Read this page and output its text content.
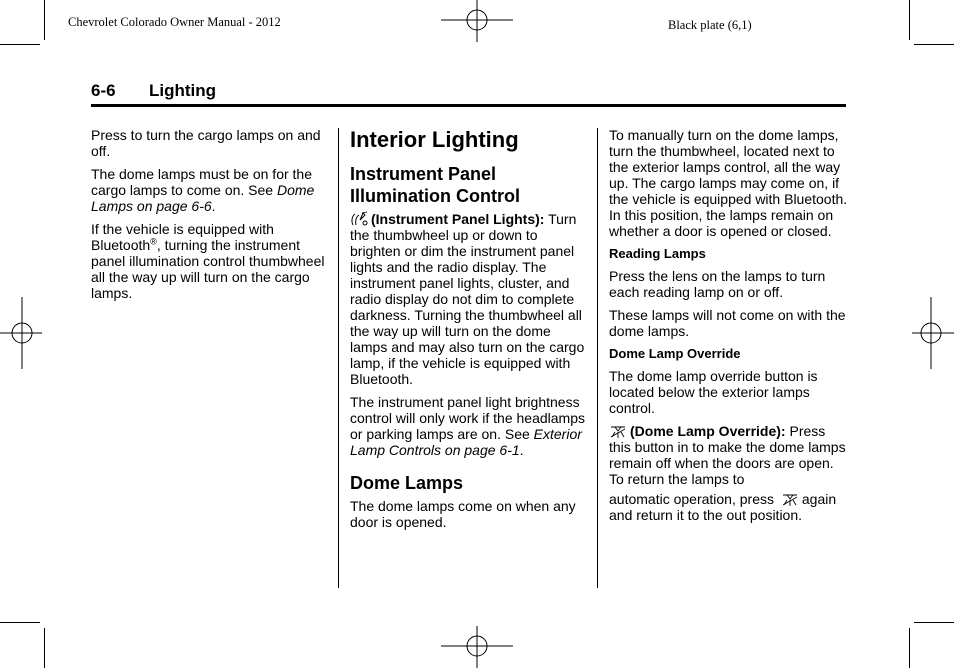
Chevrolet Colorado Owner Manual - 2012	Black plate (6,1)
6-6 Lighting

Press to turn the cargo lamps on and off.

The dome lamps must be on for the cargo lamps to come on. See Dome Lamps on page 6-6.

If the vehicle is equipped with Bluetooth®, turning the instrument panel illumination control thumbwheel all the way up will turn on the cargo lamps.

Interior Lighting
Instrument Panel Illumination Control

(Instrument Panel Lights): Turn the thumbwheel up or down to brighten or dim the instrument panel lights and the radio display. The instrument panel lights, cluster, and radio display do not dim to complete darkness. Turning the thumbwheel all the way up will turn on the dome lamps and may also turn on the cargo lamp, if the vehicle is equipped with Bluetooth.

The instrument panel light brightness control will only work if the headlamps or parking lamps are on. See Exterior Lamp Controls on page 6-1.

Dome Lamps

The dome lamps come on when any door is opened.

To manually turn on the dome lamps, turn the thumbwheel, located next to the exterior lamps control, all the way up. The cargo lamps may come on, if the vehicle is equipped with Bluetooth. In this position, the lamps remain on whether a door is opened or closed.

Reading Lamps

Press the lens on the lamps to turn each reading lamp on or off.

These lamps will not come on with the dome lamps.

Dome Lamp Override

The dome lamp override button is located below the exterior lamps control.

(Dome Lamp Override): Press this button in to make the dome lamps remain off when the doors are open. To return the lamps to

automatic operation, press again and return it to the out position.
